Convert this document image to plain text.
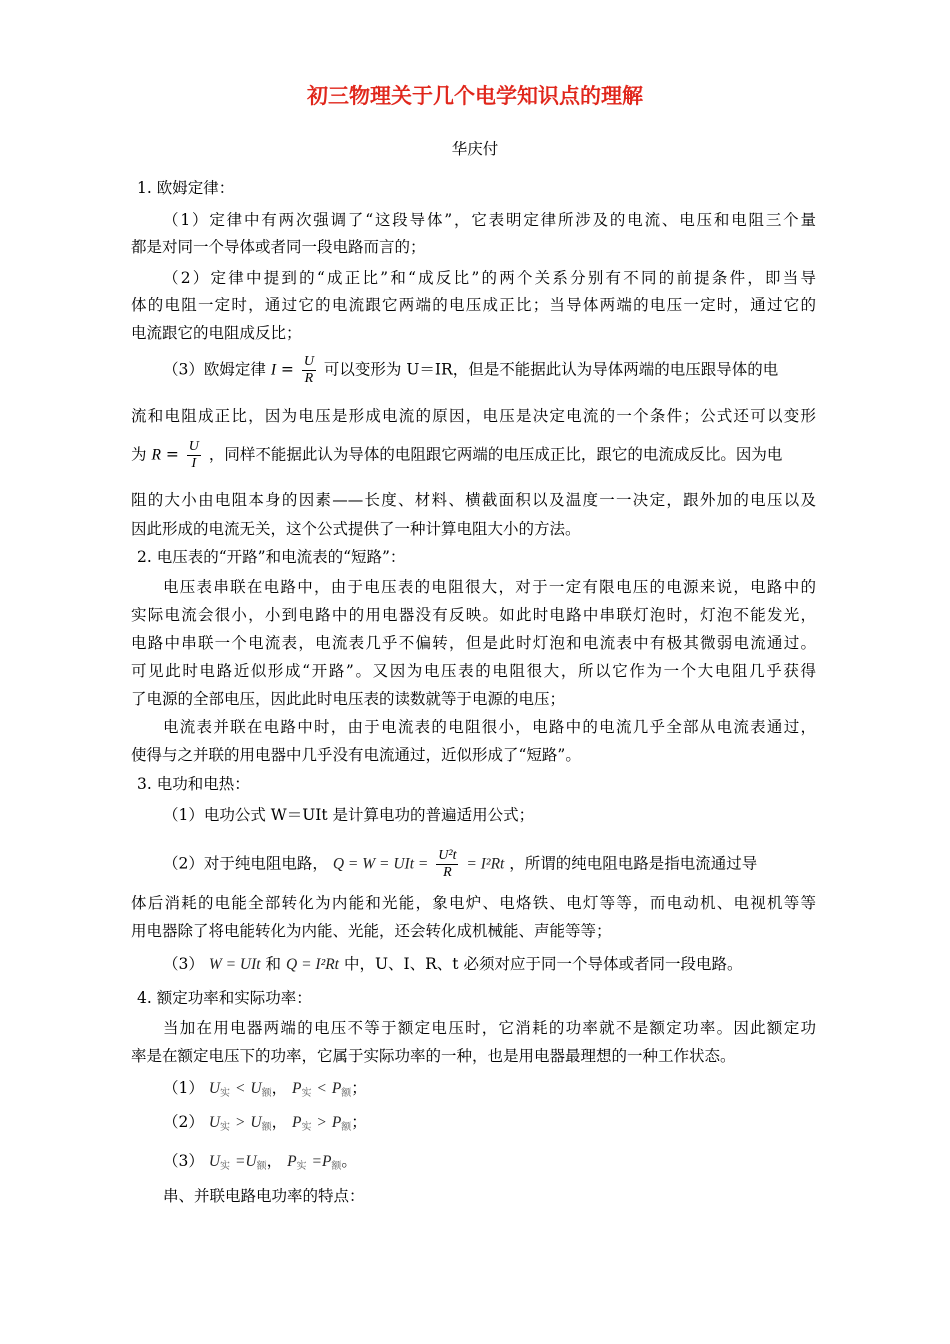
初三物理关于几个电学知识点的理解
华庆付
1. 欧姆定律：
（1）定律中有两次强调了“这段导体”，它表明定律所涉及的电流、电压和电阻三个量
都是对同一个导体或者同一段电路而言的；
（2）定律中提到的“成正比”和“成反比”的两个关系分别有不同的前提条件，即当导
体的电阻一定时，通过它的电流跟它两端的电压成正比；当导体两端的电压一定时，通过它的
电流跟它的电阻成反比；
（3）欧姆定律 $I = \frac{U}{R}$ 可以变形为 U＝IR，但是不能据此认为导体两端的电压跟导体的电
流和电阻成正比，因为电压是形成电流的原因，电压是决定电流的一个条件；公式还可以变形
为 $R = \frac{U}{I}$ ，同样不能据此认为导体的电阻跟它两端的电压成正比，跟它的电流成反比。因为电
阻的大小由电阻本身的因素——长度、材料、横截面积以及温度一一决定，跟外加的电压以及
因此形成的电流无关，这个公式提供了一种计算电阻大小的方法。
2. 电压表的“开路”和电流表的“短路”：
电压表串联在电路中，由于电压表的电阻很大，对于一定有限电压的电源来说，电路中的
实际电流会很小，小到电路中的用电器没有反映。如此时电路中串联灯泡时，灯泡不能发光，
电路中串联一个电流表，电流表几乎不偏转，但是此时灯泡和电流表中有极其微弱电流通过。
可见此时电路近似形成“开路”。又因为电压表的电阻很大，所以它作为一个大电阻几乎获得
了电源的全部电压，因此此时电压表的读数就等于电源的电压；
电流表并联在电路中时，由于电流表的电阻很小，电路中的电流几乎全部从电流表通过，
使得与之并联的用电器中几乎没有电流通过，近似形成了“短路”。
3. 电功和电热：
（1）电功公式 W＝UIt 是计算电功的普遍适用公式；
（2）对于纯电阻电路， Q = W = UIt = $\frac{\text{U²t}}{R} = I^2Rt$ ，所谓的纯电阻电路是指电流通过导
体后消耗的电能全部转化为内能和光能，象电炉、电烙铁、电灯等等，而电动机、电视机等等
用电器除了将电能转化为内能、光能，还会转化成机械能、声能等等；
（3） W = UIt 和 Q = I²Rt 中，U、I、R、t 必须对应于同一个导体或者同一段电路。
4. 额定功率和实际功率：
当加在用电器两端的电压不等于额定电压时，它消耗的功率就不是额定功率。因此额定功
率是在额定电压下的功率，它属于实际功率的一种，也是用电器最理想的一种工作状态。
（1） $U_实 < U_额$， $P_实 < P_额$；
（2） $U_实 > U_额$， $P_实 > P_额$；
（3） $U_实 =U_额$， $P_实 =P_额$。
串、并联电路电功率的特点：
